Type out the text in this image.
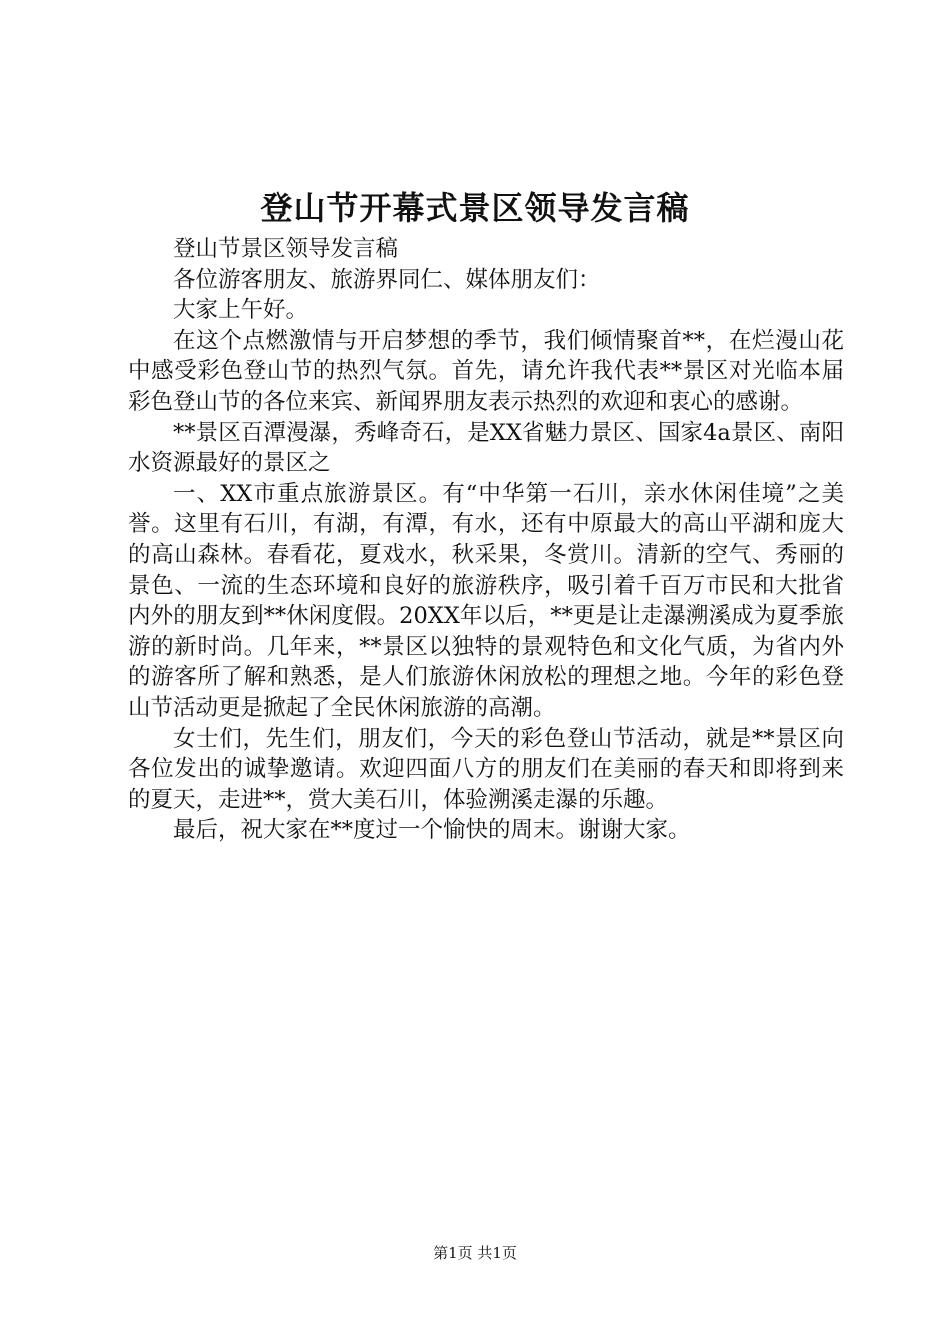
登山节开幕式景区领导发言稿

登山节景区领导发言稿

各位游客朋友、旅游界同仁、媒体朋友们：

大家上午好。

在这个点燃激情与开启梦想的季节，我们倾情聚首**，在烂漫山花中感受彩色登山节的热烈气氛。首先，请允许我代表**景区对光临本届彩色登山节的各位来宾、新闻界朋友表示热烈的欢迎和衷心的感谢。

**景区百潭漫瀑，秀峰奇石，是XX省魅力景区、国家4a景区、南阳水资源最好的景区之

一、XX市重点旅游景区。有“中华第一石川，亲水休闲佳境”之美誉。这里有石川，有湖，有潭，有水，还有中原最大的高山平湖和庞大的高山森林。春看花，夏戏水，秋采果，冬赏川。清新的空气、秀丽的景色、一流的生态环境和良好的旅游秩序，吸引着千百万市民和大批省内外的朋友到**休闲度假。20XX年以后，**更是让走瀑溯溪成为夏季旅游的新时尚。几年来，**景区以独特的景观特色和文化气质，为省内外的游客所了解和熟悉，是人们旅游休闲放松的理想之地。今年的彩色登山节活动更是掀起了全民休闲旅游的高潮。

女士们，先生们，朋友们，今天的彩色登山节活动，就是**景区向各位发出的诚挚邀请。欢迎四面八方的朋友们在美丽的春天和即将到来的夏天，走进**，赏大美石川，体验溯溪走瀑的乐趣。

最后，祝大家在**度过一个愉快的周末。谢谢大家。

第1页 共1页
